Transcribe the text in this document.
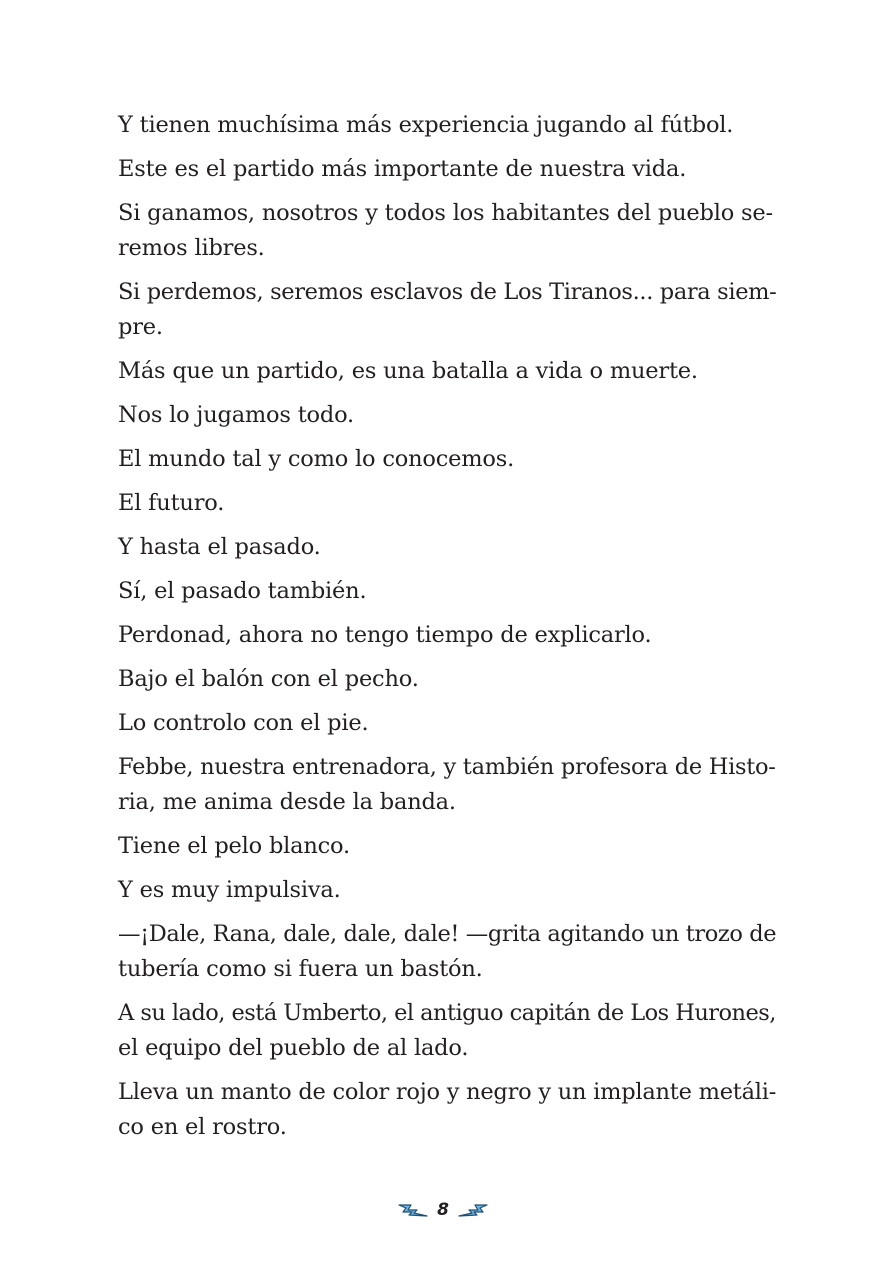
Y tienen muchísima más experiencia jugando al fútbol.

Este es el partido más importante de nuestra vida.

Si ganamos, nosotros y todos los habitantes del pueblo se-
remos libres.

Si perdemos, seremos esclavos de Los Tiranos... para siem-
pre.

Más que un partido, es una batalla a vida o muerte.

Nos lo jugamos todo.

El mundo tal y como lo conocemos.

El futuro.

Y hasta el pasado.

Sí, el pasado también.

Perdonad, ahora no tengo tiempo de explicarlo.

Bajo el balón con el pecho.

Lo controlo con el pie.

Febbe, nuestra entrenadora, y también profesora de Histo-
ria, me anima desde la banda.

Tiene el pelo blanco.

Y es muy impulsiva.

—¡Dale, Rana, dale, dale, dale! —grita agitando un trozo de
tubería como si fuera un bastón.

A su lado, está Umberto, el antiguo capitán de Los Hurones,
el equipo del pueblo de al lado.

Lleva un manto de color rojo y negro y un implante metáli-
co en el rostro.

8
